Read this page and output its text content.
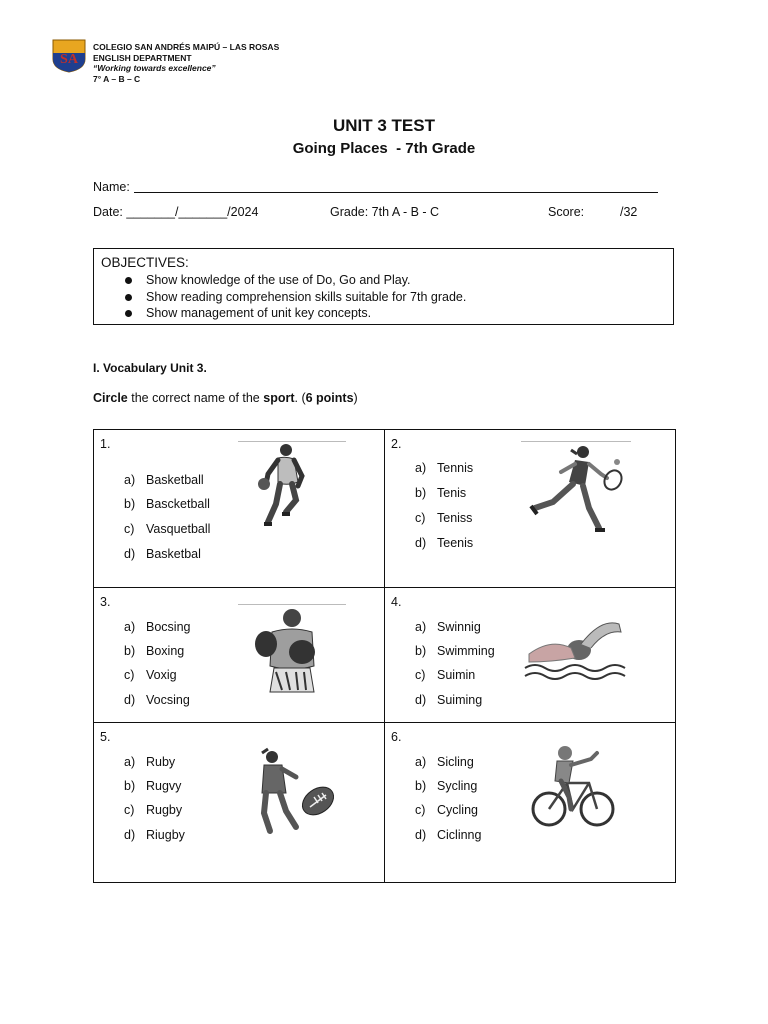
SA
COLEGIO SAN ANDRÉS MAIPÚ – LAS ROSAS
ENGLISH DEPARTMENT
“Working towards excellence”
7° A – B – C
UNIT 3 TEST
Going Places  - 7th Grade
Name:
Date: _______/_______/2024	Grade: 7th A - B - C	Score:	/32
OBJECTIVES:
Show knowledge of the use of Do, Go and Play.
Show reading comprehension skills suitable for 7th grade.
Show management of unit key concepts.
I. Vocabulary Unit 3.
Circle the correct name of the sport. (6 points)
1.
a) Basketball
b) Bascketball
c) Vasquetball
d) Basketbal
2.
a) Tennis
b) Tenis
c) Teniss
d) Teenis
3.
a) Bocsing
b) Boxing
c) Voxig
d) Vocsing
4.
a) Swinnig
b) Swimming
c) Suimin
d) Suiming
5.
a) Ruby
b) Rugvy
c) Rugby
d) Riugby
6.
a) Sicling
b) Sycling
c) Cycling
d) Ciclinng
